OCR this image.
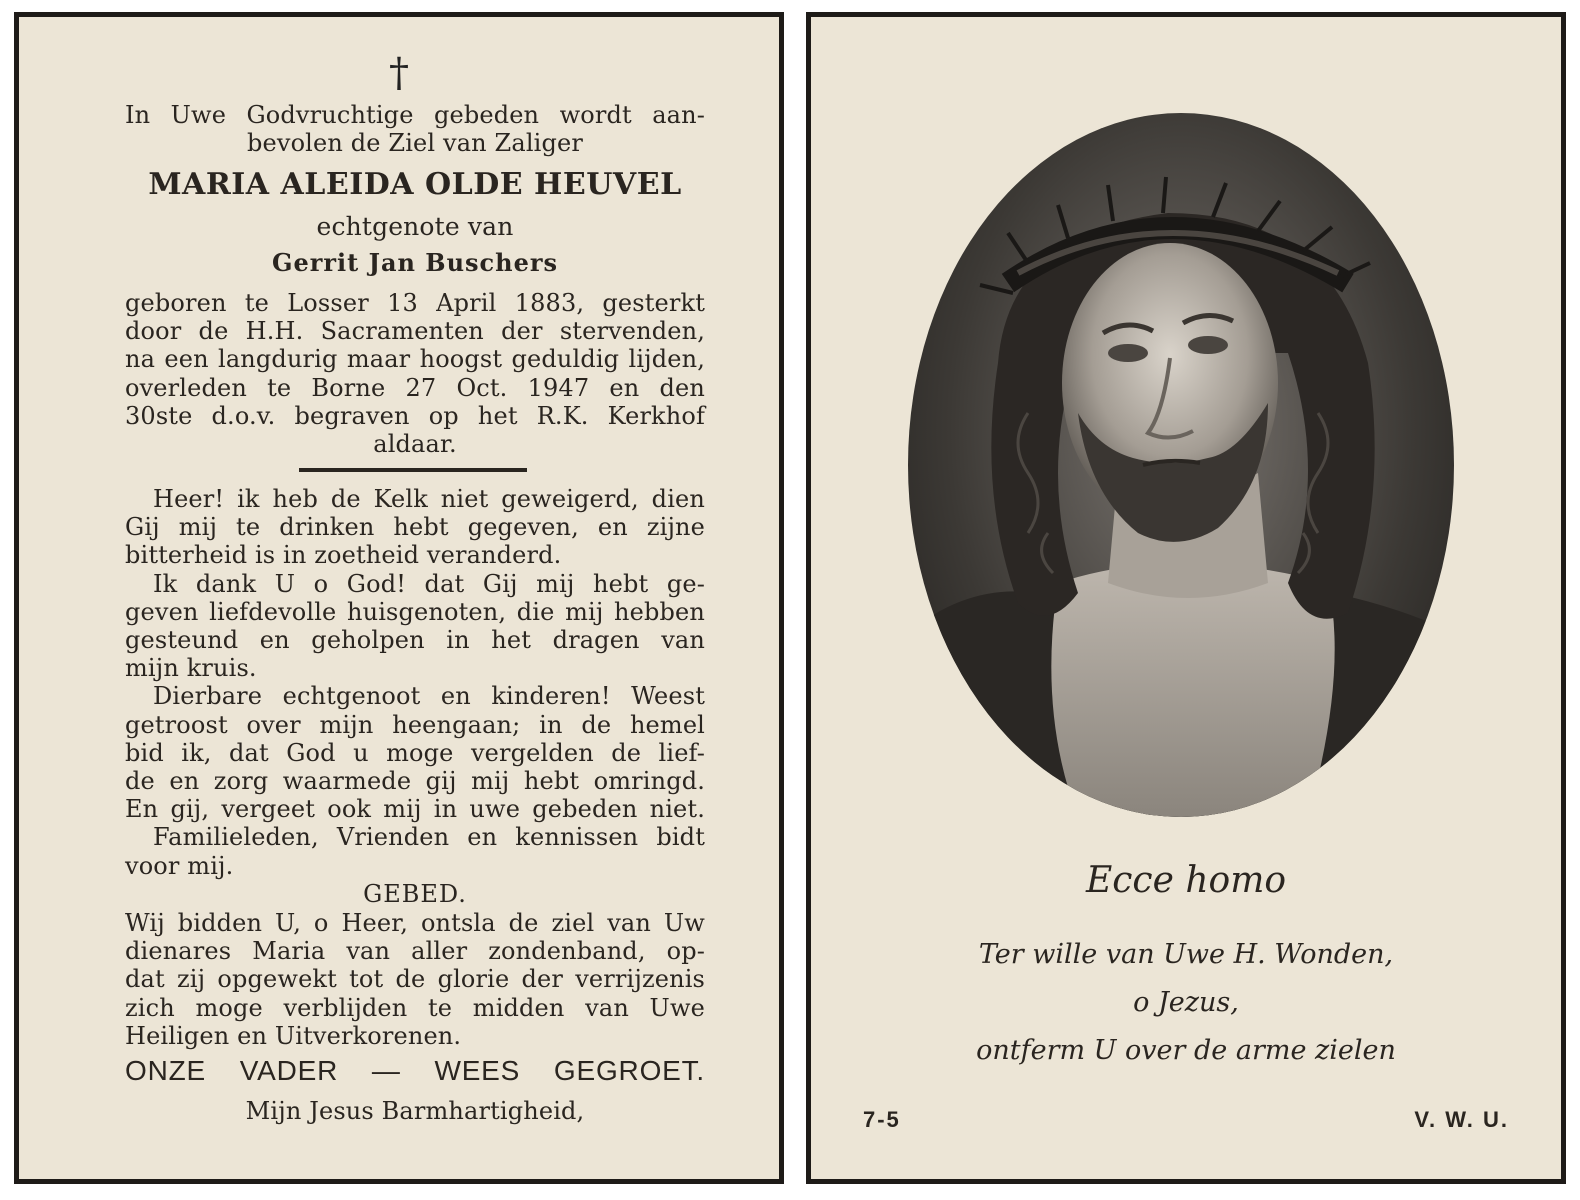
†
In Uwe Godvruchtige gebeden wordt aan-
bevolen de Ziel van Zaliger
MARIA ALEIDA OLDE HEUVEL
echtgenote van
Gerrit Jan Buschers
geboren te Losser 13 April 1883, gesterkt
door de H.H. Sacramenten der stervenden,
na een langdurig maar hoogst geduldig lijden,
overleden te Borne 27 Oct. 1947 en den
30ste d.o.v. begraven op het R.K. Kerkhof
aldaar.
Heer! ik heb de Kelk niet geweigerd, dien
Gij mij te drinken hebt gegeven, en zijne
bitterheid is in zoetheid veranderd.
Ik dank U o God! dat Gij mij hebt ge-
geven liefdevolle huisgenoten, die mij hebben
gesteund en geholpen in het dragen van
mijn kruis.
Dierbare echtgenoot en kinderen! Weest
getroost over mijn heengaan; in de hemel
bid ik, dat God u moge vergelden de lief-
de en zorg waarmede gij mij hebt omringd.
En gij, vergeet ook mij in uwe gebeden niet.
Familieleden, Vrienden en kennissen bidt
voor mij.
GEBED.
Wij bidden U, o Heer, ontsla de ziel van Uw
dienares Maria van aller zondenband, op-
dat zij opgewekt tot de glorie der verrijzenis
zich moge verblijden te midden van Uwe
Heiligen en Uitverkorenen.
ONZE VADER — WEES GEGROET.
Mijn Jesus Barmhartigheid,
Ecce homo
Ter wille van Uwe H. Wonden,
o Jezus,
ontferm U over de arme zielen
7-5	V. W. U.
